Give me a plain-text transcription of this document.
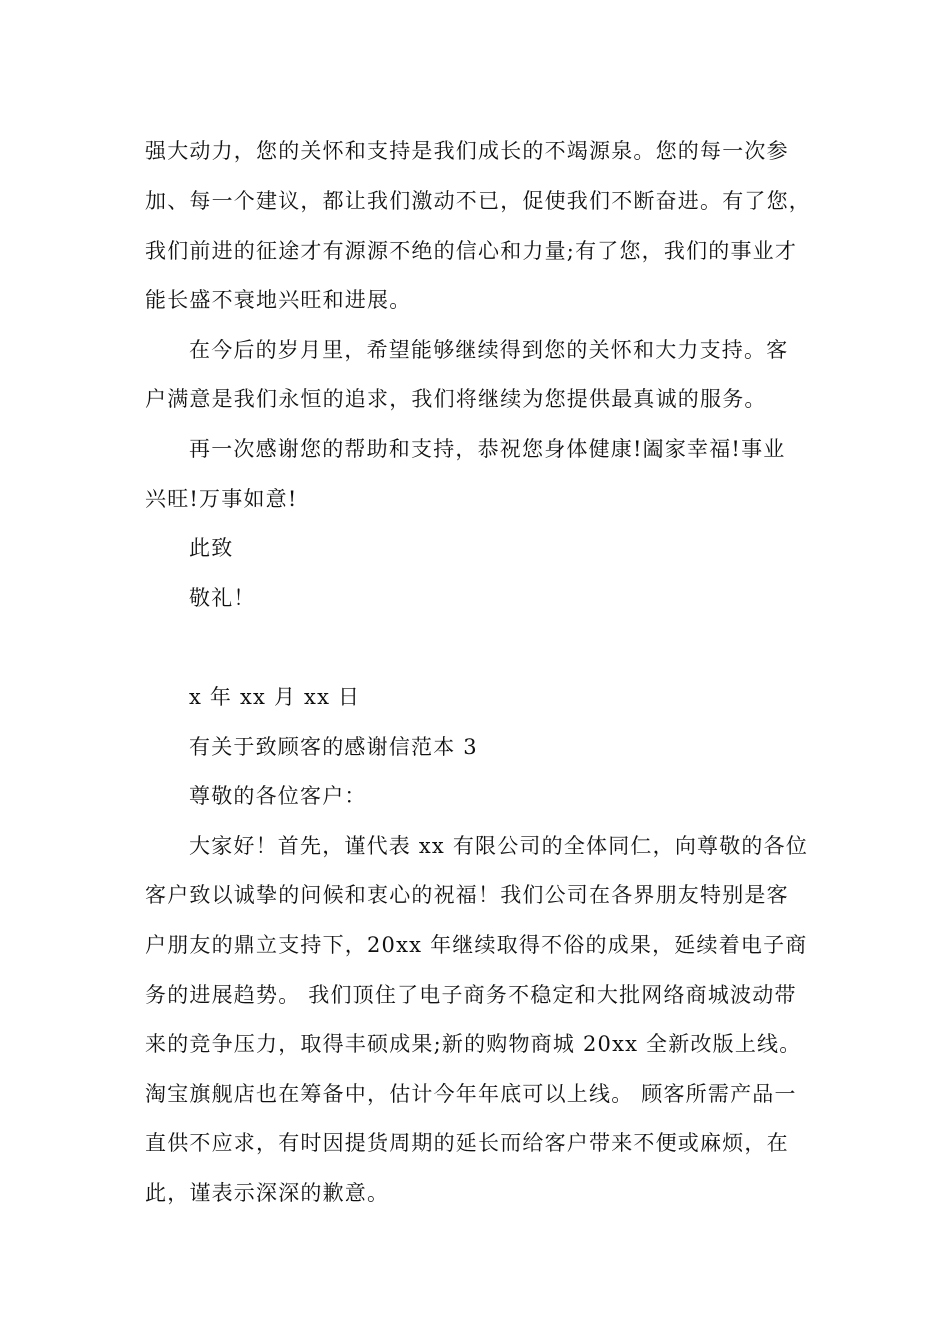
强大动力，您的关怀和支持是我们成长的不竭源泉。您的每一次参
加、每一个建议，都让我们激动不已，促使我们不断奋进。有了您，
我们前进的征途才有源源不绝的信心和力量;有了您，我们的事业才
能长盛不衰地兴旺和进展。
在今后的岁月里，希望能够继续得到您的关怀和大力支持。客
户满意是我们永恒的追求，我们将继续为您提供最真诚的服务。
再一次感谢您的帮助和支持，恭祝您身体健康!阖家幸福!事业
兴旺!万事如意!
此致
敬礼！
x 年 xx 月 xx 日
有关于致顾客的感谢信范本 3
尊敬的各位客户：
大家好！首先，谨代表 xx 有限公司的全体同仁，向尊敬的各位
客户致以诚挚的问候和衷心的祝福！我们公司在各界朋友特别是客
户朋友的鼎立支持下，20xx 年继续取得不俗的成果，延续着电子商
务的进展趋势。 我们顶住了电子商务不稳定和大批网络商城波动带
来的竞争压力，取得丰硕成果;新的购物商城 20xx 全新改版上线。
淘宝旗舰店也在筹备中，估计今年年底可以上线。 顾客所需产品一
直供不应求，有时因提货周期的延长而给客户带来不便或麻烦，在
此，谨表示深深的歉意。
